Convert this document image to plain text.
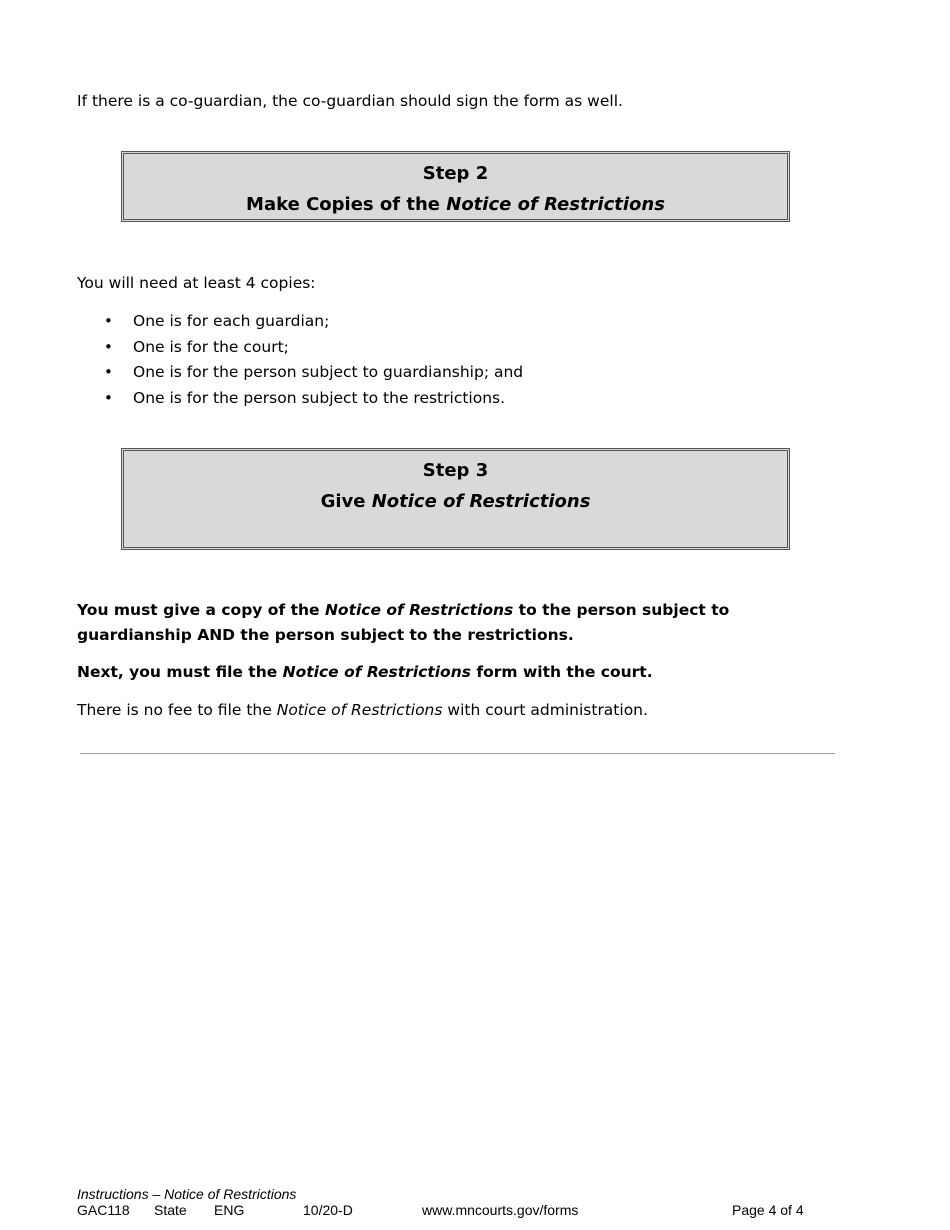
If there is a co-guardian, the co-guardian should sign the form as well.

Step 2
Make Copies of the Notice of Restrictions

You will need at least 4 copies:

•	One is for each guardian;
•	One is for the court;
•	One is for the person subject to guardianship; and
•	One is for the person subject to the restrictions.
Step 3
Give Notice of Restrictions

You must give a copy of the Notice of Restrictions to the person subject to guardianship AND the person subject to the restrictions.

Next, you must file the Notice of Restrictions form with the court.

There is no fee to file the Notice of Restrictions with court administration.

Instructions – Notice of Restrictions
GAC118 State ENG	10/20-D	www.mncourts.gov/forms	Page 4 of 4
